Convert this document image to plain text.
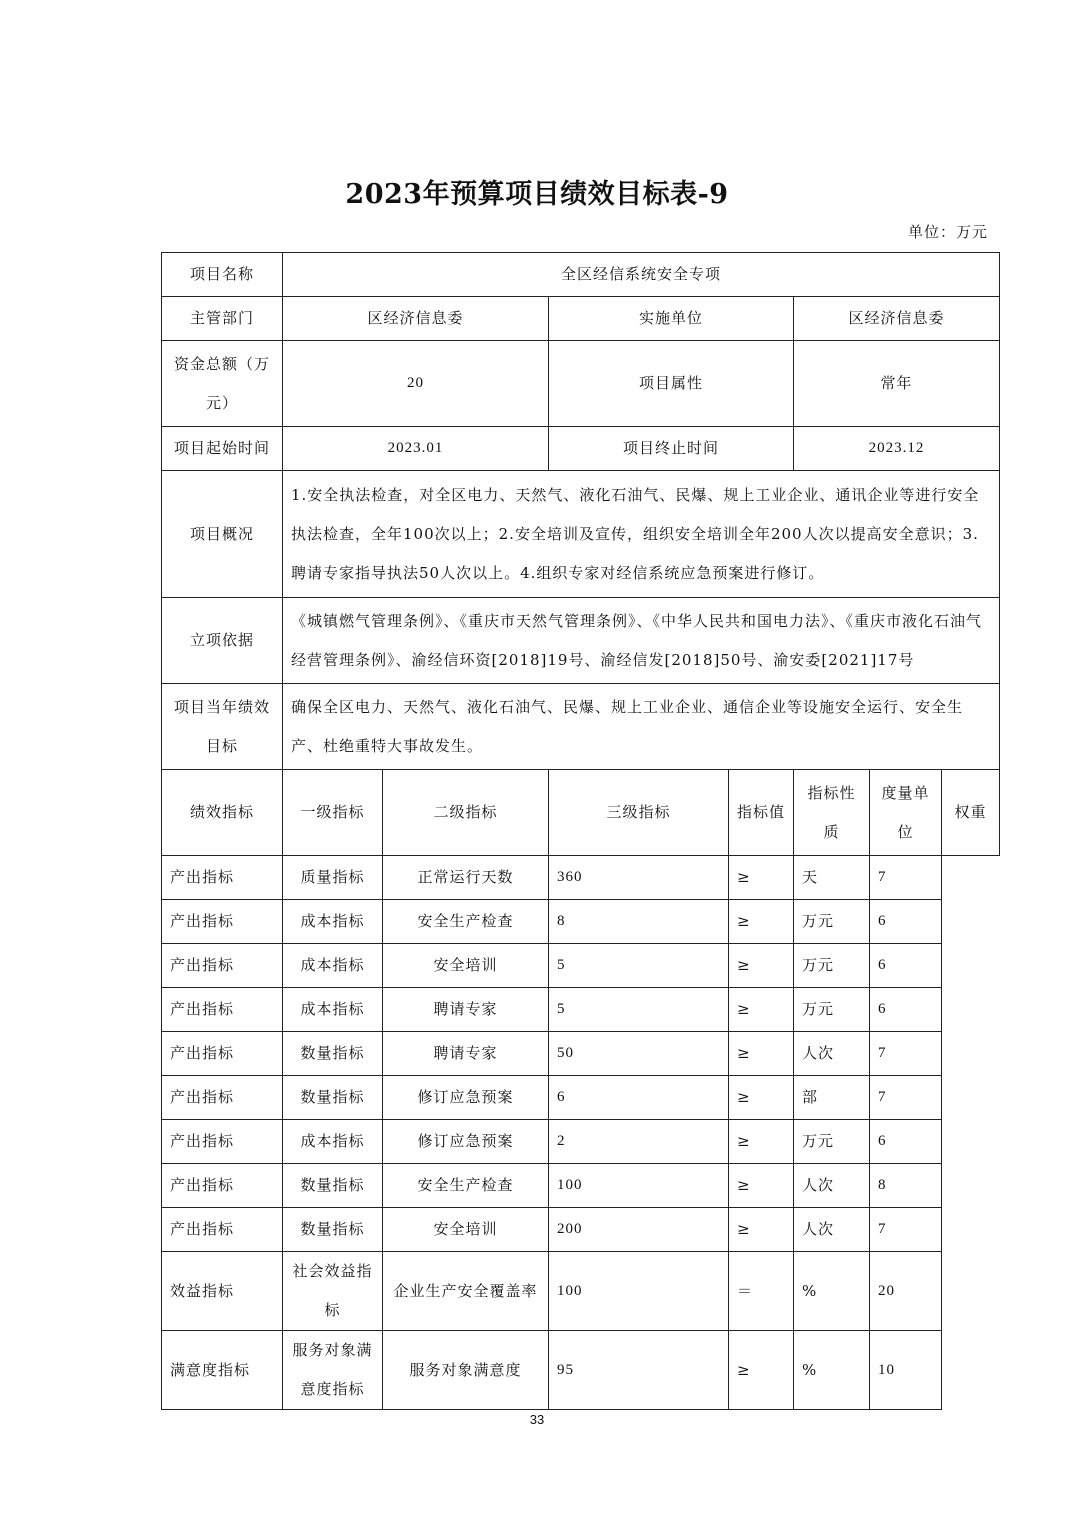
2023年预算项目绩效目标表-9
单位：万元
项目名称	全区经信系统安全专项						
主管部门	区经济信息委		实施单位		区经济信息委		
资金总额（万元）	20		项目属性		常年		
项目起始时间	2023.01		项目终止时间		2023.12		
项目概况	1.安全执法检查，对全区电力、天然气、液化石油气、民爆、规上工业企业、通讯企业等进行安全执法检查，全年100次以上；2.安全培训及宣传，组织安全培训全年200人次以提高安全意识；3.聘请专家指导执法50人次以上。4.组织专家对经信系统应急预案进行修订。						
立项依据	《城镇燃气管理条例》、《重庆市天然气管理条例》、《中华人民共和国电力法》、《重庆市液化石油气经营管理条例》、渝经信环资[2018]19号、渝经信发[2018]50号、渝安委[2021]17号						
项目当年绩效目标	确保全区电力、天然气、液化石油气、民爆、规上工业企业、通信企业等设施安全运行、安全生产、杜绝重特大事故发生。						
绩效指标	一级指标	二级指标	三级指标	指标值	指标性质	度量单位	权重
产出指标	质量指标	正常运行天数	360	≥	天	7	
产出指标	成本指标	安全生产检查	8	≥	万元	6	
产出指标	成本指标	安全培训	5	≥	万元	6	
产出指标	成本指标	聘请专家	5	≥	万元	6	
产出指标	数量指标	聘请专家	50	≥	人次	7	
产出指标	数量指标	修订应急预案	6	≥	部	7	
产出指标	成本指标	修订应急预案	2	≥	万元	6	
产出指标	数量指标	安全生产检查	100	≥	人次	8	
产出指标	数量指标	安全培训	200	≥	人次	7	
效益指标	社会效益指标	企业生产安全覆盖率	100	＝	%	20	
满意度指标	服务对象满意度指标	服务对象满意度	95	≥	%	10	
33
